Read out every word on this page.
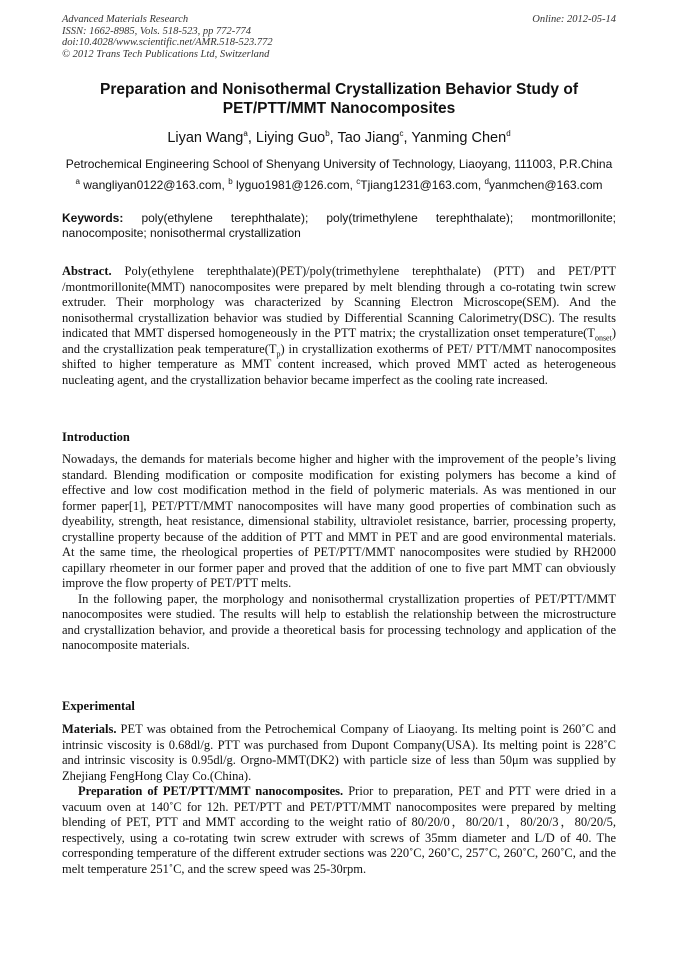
Advanced Materials Research
ISSN: 1662-8985, Vols. 518-523, pp 772-774
doi:10.4028/www.scientific.net/AMR.518-523.772
© 2012 Trans Tech Publications Ltd, Switzerland
Online: 2012-05-14
Preparation and Nonisothermal Crystallization Behavior Study of PET/PTT/MMT Nanocomposites
Liyan Wang$^a$, Liying Guo$^b$, Tao Jiang$^c$, Yanming Chen$^d$
Petrochemical Engineering School of Shenyang University of Technology, Liaoyang, 111003, P.R.China
$^a$ wangliyan0122@163.com, $^b$ lyguo1981@126.com, $^c$Tjiang1231@163.com, $^d$yanmchen@163.com
Keywords: poly(ethylene terephthalate); poly(trimethylene terephthalate); montmorillonite; nanocomposite; nonisothermal crystallization
Abstract. Poly(ethylene terephthalate)(PET)/poly(trimethylene terephthalate) (PTT) and PET/PTT /montmorillonite(MMT) nanocomposites were prepared by melt blending through a co-rotating twin screw extruder. Their morphology was characterized by Scanning Electron Microscope(SEM). And the nonisothermal crystallization behavior was studied by Differential Scanning Calorimetry(DSC). The results indicated that MMT dispersed homogeneously in the PTT matrix; the crystallization onset $temperature(T_{onset})$ and the crystallization peak $temperature(T_p)$ in crystallization exotherms of PET/ PTT/MMT nanocomposites shifted to higher temperature as MMT content increased, which proved MMT acted as heterogeneous nucleating agent, and the crystallization behavior became imperfect as the cooling rate increased.
Introduction
Nowadays, the demands for materials become higher and higher with the improvement of the people’s living standard. Blending modification or composite modification for existing polymers has become a kind of effective and low cost modification method in the field of polymeric materials. As was mentioned in our former paper[1], PET/PTT/MMT nanocomposites will have many good properties of combination such as dyeability, strength, heat resistance, dimensional stability, ultraviolet resistance, barrier, processing property, crystalline property because of the addition of PTT and MMT in PET and are good environmental materials. At the same time, the rheological properties of PET/PTT/MMT nanocomposites were studied by RH2000 capillary rheometer in our former paper and proved that the addition of one to five part MMT can obviously improve the flow property of PET/PTT melts.
In the following paper, the morphology and nonisothermal crystallization properties of PET/PTT/MMT nanocomposites were studied. The results will help to establish the relationship between the microstructure and crystallization behavior, and provide a theoretical basis for processing technology and application of the nanocomposite materials.
Experimental
Materials. PET was obtained from the Petrochemical Company of Liaoyang. Its melting point is 260˚C and intrinsic viscosity is 0.68dl/g. PTT was purchased from Dupont Company(USA). Its melting point is 228˚C and intrinsic viscosity is 0.95dl/g. Orgno-MMT(DK2) with particle size of less than 50μm was supplied by Zhejiang FengHong Clay Co.(China).
Preparation of PET/PTT/MMT nanocomposites. Prior to preparation, PET and PTT were dried in a vacuum oven at 140˚C for 12h. PET/PTT and PET/PTT/MMT nanocomposites were prepared by melting blending of PET, PTT and MMT according to the weight ratio of 80/20/0，80/20/1，80/20/3，80/20/5, respectively, using a co-rotating twin screw extruder with screws of 35mm diameter and L/D of 40. The corresponding temperature of the different extruder sections was 220˚C, 260˚C, 257˚C, 260˚C, 260˚C, and the melt temperature 251˚C, and the screw speed was 25-30rpm.
